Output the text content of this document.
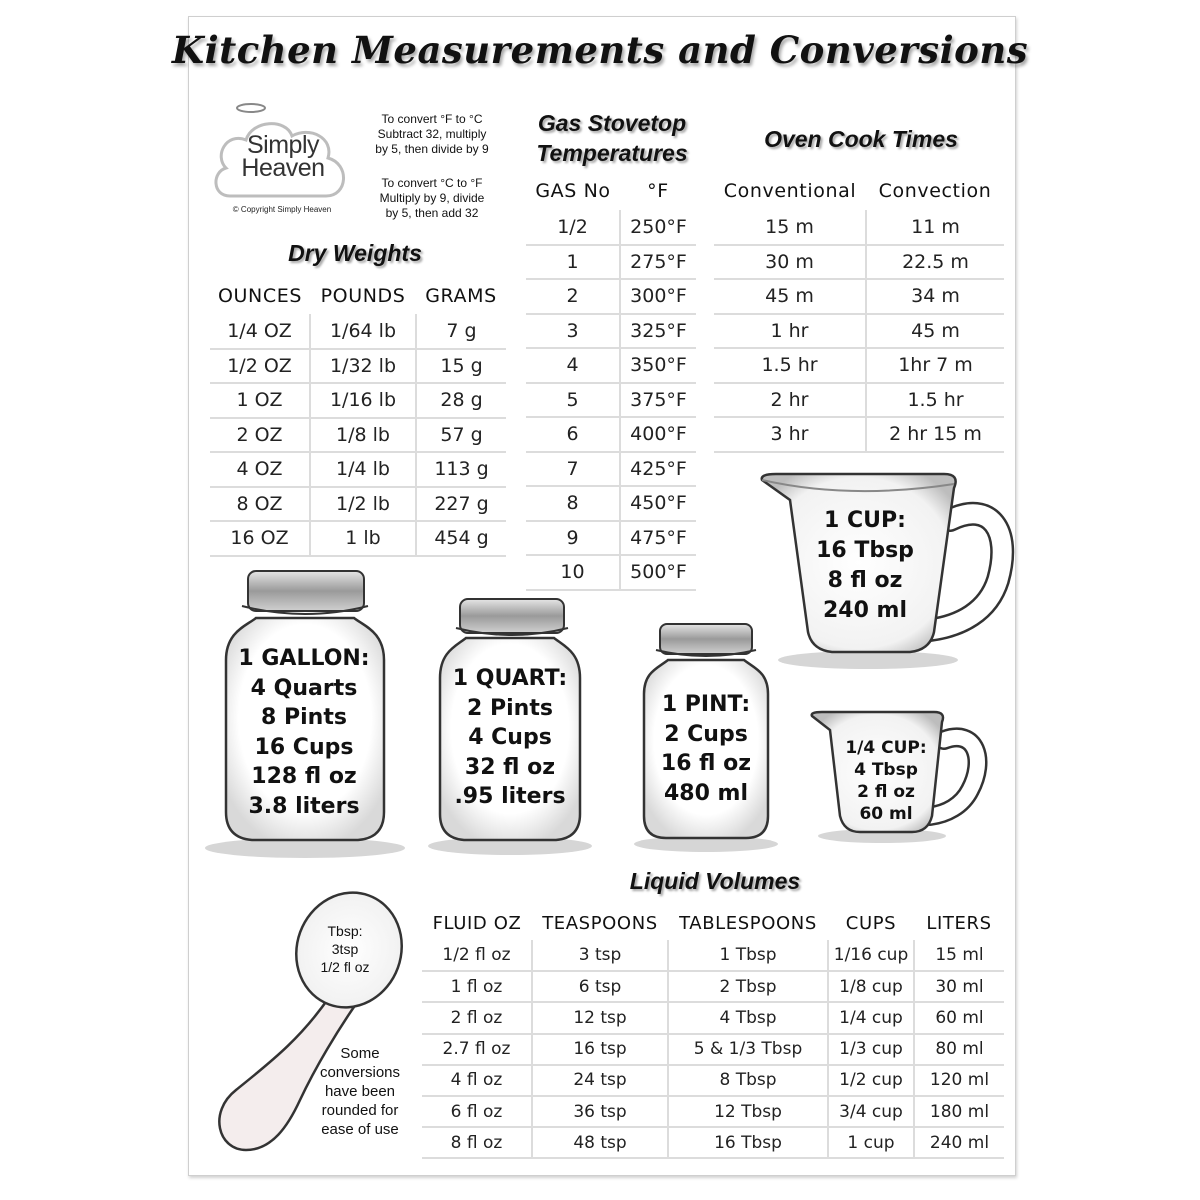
Kitchen Measurements and Conversions
Simply
Heaven
© Copyright Simply Heaven
To convert °F to °C
Subtract 32, multiply
by 5, then divide by 9
To convert °C to °F
Multiply by 9, divide
by 5, then add 32
Dry Weights
OUNCES	POUNDS	GRAMS
1/4 OZ	1/64 lb	7 g
1/2 OZ	1/32 lb	15 g
1 OZ	1/16 lb	28 g
2 OZ	1/8 lb	57 g
4 OZ	1/4 lb	113 g
8 OZ	1/2 lb	227 g
16 OZ	1 lb	454 g
Gas Stovetop
Temperatures
GAS No	°F
1/2	250°F
1	275°F
2	300°F
3	325°F
4	350°F
5	375°F
6	400°F
7	425°F
8	450°F
9	475°F
10	500°F
Oven Cook Times
Conventional	Convection
15 m	11 m
30 m	22.5 m
45 m	34 m
1 hr	45 m
1.5 hr	1hr 7 m
2 hr	1.5 hr
3 hr	2 hr 15 m
1 CUP:
16 Tbsp
8 fl oz
240 ml
1/4 CUP:
4 Tbsp
2 fl oz
60 ml
1 GALLON:
4 Quarts
8 Pints
16 Cups
128 fl oz
3.8 liters
1 QUART:
2 Pints
4 Cups
32 fl oz
.95 liters
1 PINT:
2 Cups
16 fl oz
480 ml
Tbsp:
3tsp
1/2 fl oz
Some
conversions
have been
rounded for
ease of use
Liquid Volumes
FLUID OZ	TEASPOONS	TABLESPOONS	CUPS	LITERS
1/2 fl oz	3 tsp	1 Tbsp	1/16 cup	15 ml
1 fl oz	6 tsp	2 Tbsp	1/8 cup	30 ml
2 fl oz	12 tsp	4 Tbsp	1/4 cup	60 ml
2.7 fl oz	16 tsp	5 & 1/3 Tbsp	1/3 cup	80 ml
4 fl oz	24 tsp	8 Tbsp	1/2 cup	120 ml
6 fl oz	36 tsp	12 Tbsp	3/4 cup	180 ml
8 fl oz	48 tsp	16 Tbsp	1 cup	240 ml
